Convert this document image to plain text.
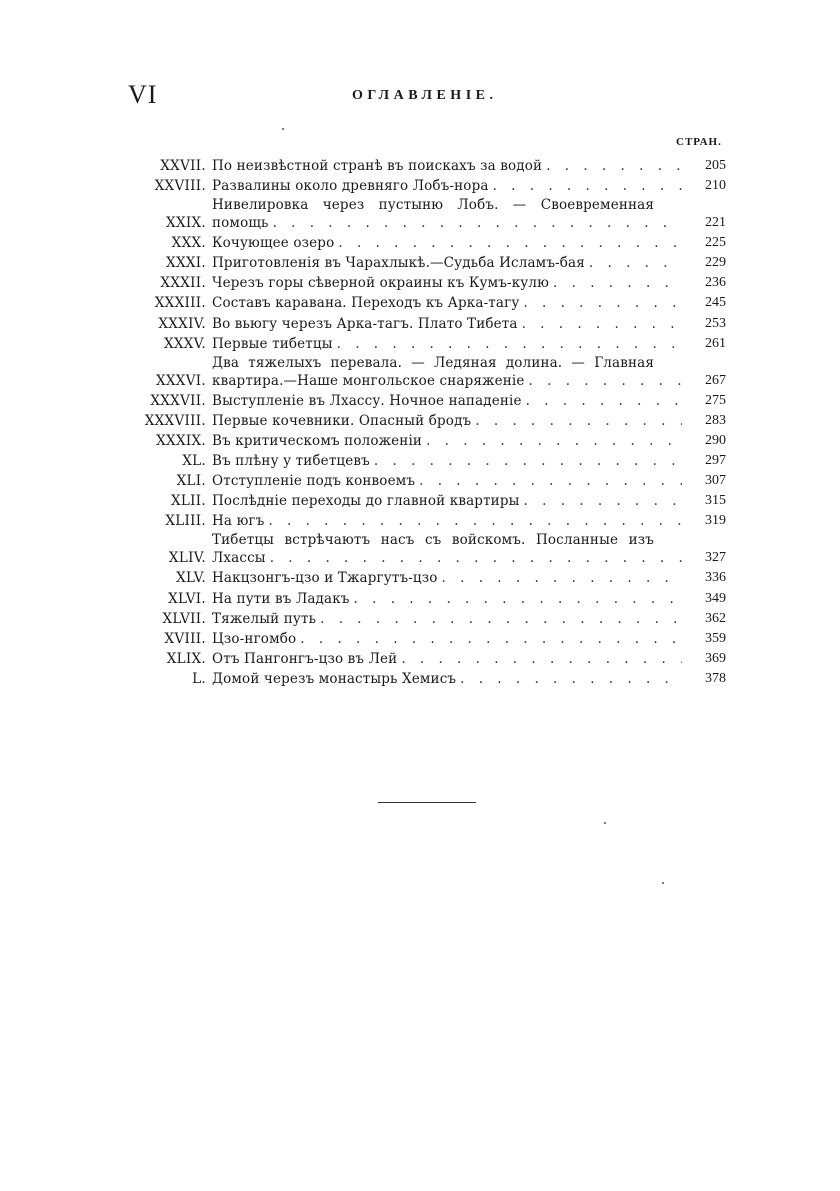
VI	ОГЛАВЛЕНІЕ.
СТРАН.
XXVII. По неизвѣстной странѣ въ поискахъ за водой . . .	205
XXVIII. Развалины около древняго Лобъ-нора . . .	210
XXIX.
Нивелировка через пустыню Лобъ. — Своевременная
помощь . . .	221
XXX. Кочующее озеро . . .	225
XXXI. Приготовленія въ Чарахлыкѣ.—Судьба Исламъ-бая . . .	229
XXXII. Черезъ горы сѣверной окраины къ Кумъ-кулю . . .	236
XXXIII. Составъ каравана. Переходъ къ Арка-тагу . . .	245
XXXIV. Во вьюгу черезъ Арка-тагъ. Плато Тибета . . .	253
XXXV. Первые тибетцы . . .	261
XXXVI.
Два тяжелыхъ перевала. — Ледяная долина. — Главная
квартира.—Наше монгольское снаряженіе . . .	267
XXXVII. Выступленіе въ Лхассу. Ночное нападеніе . . .	275
XXXVIII. Первые кочевники. Опасный бродъ . . .	283
XXXIX. Въ критическомъ положеніи . . .	290
XL. Въ плѣну у тибетцевъ . . .	297
XLI. Отступленіе подъ конвоемъ . . .	307
XLII. Послѣдніе переходы до главной квартиры . . .	315
XLIII. На югъ . . .	319
XLIV.
Тибетцы встрѣчаютъ насъ съ войскомъ. Посланные изъ
Лхассы . . .	327
XLV. Накцзонгъ-цзо и Тжаргутъ-цзо . . .	336
XLVI. На пути въ Ладакъ . . .	349
XLVII. Тяжелый путь . . .	362
XVIII. Цзо-нгомбо . . .	359
XLIX. Отъ Пангонгъ-цзо въ Лей . . .	369
L. Домой черезъ монастырь Хемисъ . . .	378
